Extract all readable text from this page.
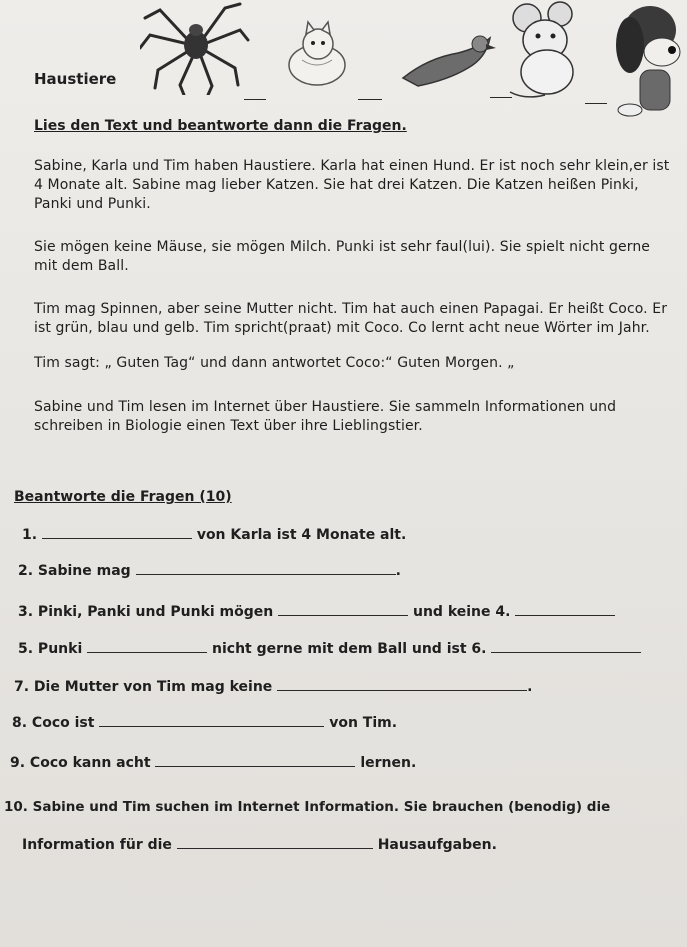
Haustiere

Lies den Text und beantworte dann die Fragen.

Sabine, Karla und Tim haben Haustiere. Karla hat einen Hund. Er ist noch sehr klein,er ist 4 Monate alt. Sabine mag lieber Katzen. Sie hat drei Katzen. Die Katzen heißen Pinki, Panki und Punki.

Sie mögen keine Mäuse, sie mögen Milch. Punki ist sehr faul(lui). Sie spielt nicht gerne mit dem Ball.

Tim mag Spinnen, aber seine Mutter nicht. Tim hat auch einen Papagai. Er heißt Coco. Er ist grün, blau und gelb. Tim spricht(praat) mit Coco. Co lernt acht neue Wörter im Jahr.

Tim sagt: „ Guten Tag“ und dann antwortet Coco:“ Guten Morgen. „

Sabine und Tim lesen im Internet über Haustiere. Sie sammeln Informationen und schreiben in Biologie einen Text über ihre Lieblingstier.

Beantworte die Fragen (10)
1.	von Karla ist 4 Monate alt.
2. Sabine mag	.
3. Pinki, Panki und Punki mögen	und keine 4.
5. Punki	nicht gerne mit dem Ball und ist 6.
7. Die Mutter von Tim mag keine	.
8. Coco ist	von Tim.
9. Coco kann acht	lernen.
10. Sabine und Tim suchen im Internet Information. Sie brauchen (benodig) die
Information für die	Hausaufgaben.
